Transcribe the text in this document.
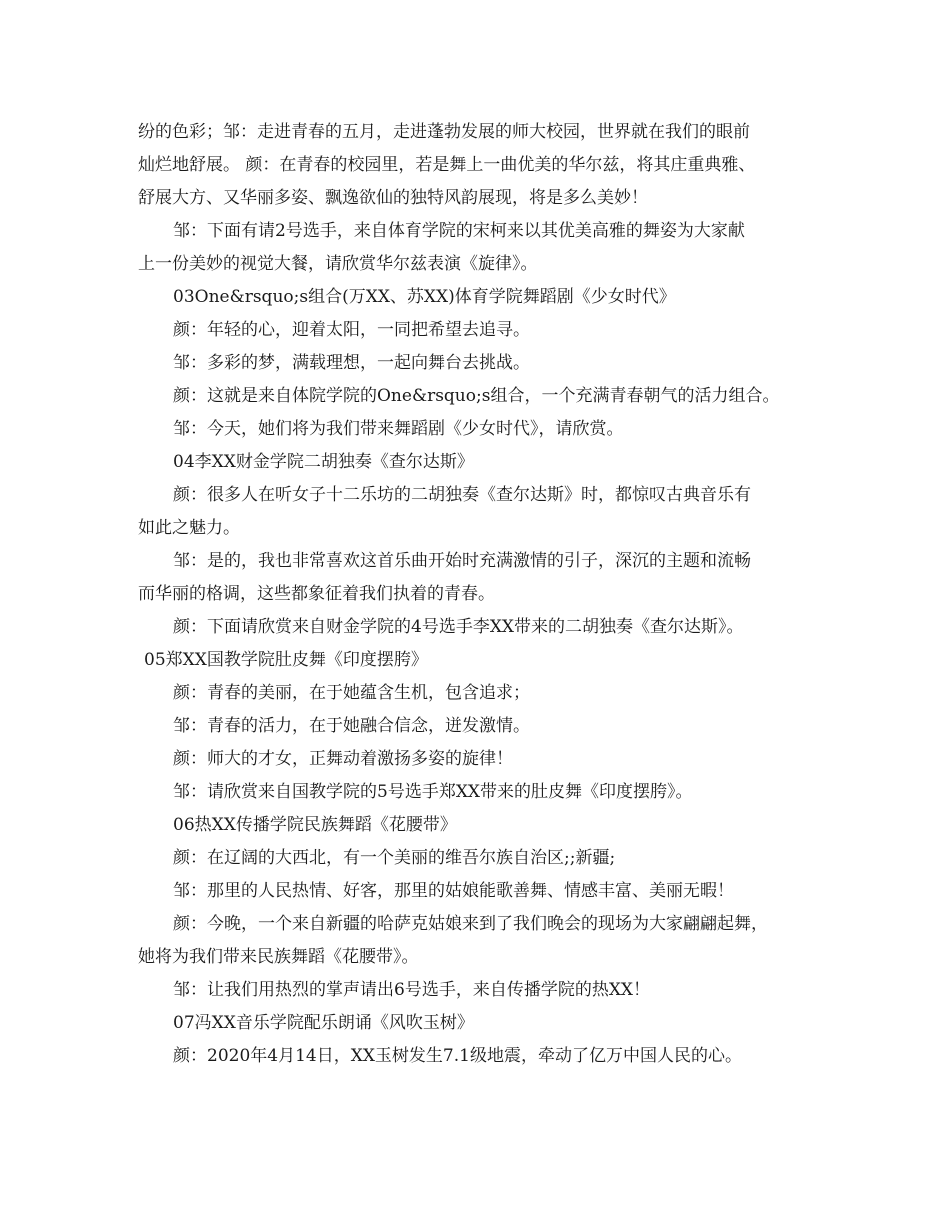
纷的色彩；邹：走进青春的五月，走进蓬勃发展的师大校园，世界就在我们的眼前
灿烂地舒展。 颜：在青春的校园里，若是舞上一曲优美的华尔兹，将其庄重典雅、
舒展大方、又华丽多姿、飘逸欲仙的独特风韵展现，将是多么美妙！
邹：下面有请2号选手，来自体育学院的宋柯来以其优美高雅的舞姿为大家献
上一份美妙的视觉大餐，请欣赏华尔兹表演《旋律》。
03One&rsquo;s组合(万XX、苏XX)体育学院舞蹈剧《少女时代》
颜：年轻的心，迎着太阳，一同把希望去追寻。
邹：多彩的梦，满载理想，一起向舞台去挑战。
颜：这就是来自体院学院的One&rsquo;s组合，一个充满青春朝气的活力组合。
邹：今天，她们将为我们带来舞蹈剧《少女时代》，请欣赏。
04李XX财金学院二胡独奏《查尔达斯》
颜：很多人在听女子十二乐坊的二胡独奏《查尔达斯》时，都惊叹古典音乐有
如此之魅力。
邹：是的，我也非常喜欢这首乐曲开始时充满激情的引子，深沉的主题和流畅
而华丽的格调，这些都象征着我们执着的青春。
颜：下面请欣赏来自财金学院的4号选手李XX带来的二胡独奏《查尔达斯》。
05郑XX国教学院肚皮舞《印度摆胯》
颜：青春的美丽，在于她蕴含生机，包含追求；
邹：青春的活力，在于她融合信念，迸发激情。
颜：师大的才女，正舞动着激扬多姿的旋律！
邹：请欣赏来自国教学院的5号选手郑XX带来的肚皮舞《印度摆胯》。
06热XX传播学院民族舞蹈《花腰带》
颜：在辽阔的大西北，有一个美丽的维吾尔族自治区;;新疆;
邹：那里的人民热情、好客，那里的姑娘能歌善舞、情感丰富、美丽无暇！
颜：今晚，一个来自新疆的哈萨克姑娘来到了我们晚会的现场为大家翩翩起舞，
她将为我们带来民族舞蹈《花腰带》。
邹：让我们用热烈的掌声请出6号选手，来自传播学院的热XX！
07冯XX音乐学院配乐朗诵《风吹玉树》
颜：2020年4月14日，XX玉树发生7.1级地震，牵动了亿万中国人民的心。
